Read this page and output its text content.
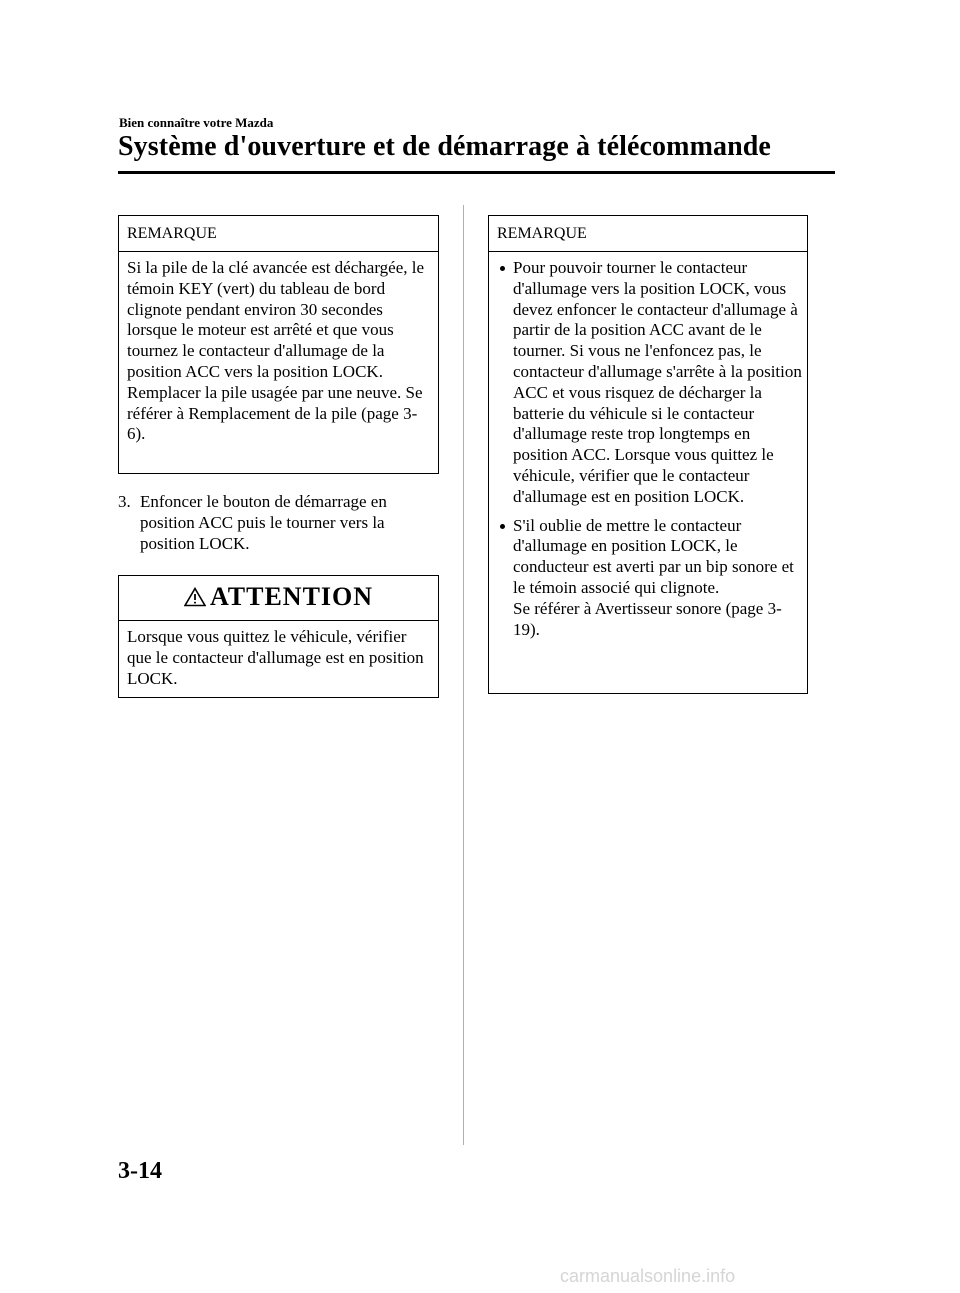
Bien connaître votre Mazda
Système d'ouverture et de démarrage à télécommande
REMARQUE
Si la pile de la clé avancée est déchargée, le témoin KEY (vert) du tableau de bord clignote pendant environ 30 secondes lorsque le moteur est arrêté et que vous tournez le contacteur d'allumage de la position ACC vers la position LOCK.
Remplacer la pile usagée par une neuve. Se référer à Remplacement de la pile (page 3-6).
3. Enfoncer le bouton de démarrage en position ACC puis le tourner vers la position LOCK.
ATTENTION
Lorsque vous quittez le véhicule, vérifier que le contacteur d'allumage est en position LOCK.
REMARQUE
Pour pouvoir tourner le contacteur d'allumage vers la position LOCK, vous devez enfoncer le contacteur d'allumage à partir de la position ACC avant de le tourner. Si vous ne l'enfoncez pas, le contacteur d'allumage s'arrête à la position ACC et vous risquez de décharger la batterie du véhicule si le contacteur d'allumage reste trop longtemps en position ACC. Lorsque vous quittez le véhicule, vérifier que le contacteur d'allumage est en position LOCK.
S'il oublie de mettre le contacteur d'allumage en position LOCK, le conducteur est averti par un bip sonore et le témoin associé qui clignote.
Se référer à Avertisseur sonore (page 3-19).
3-14
carmanualsonline.info
